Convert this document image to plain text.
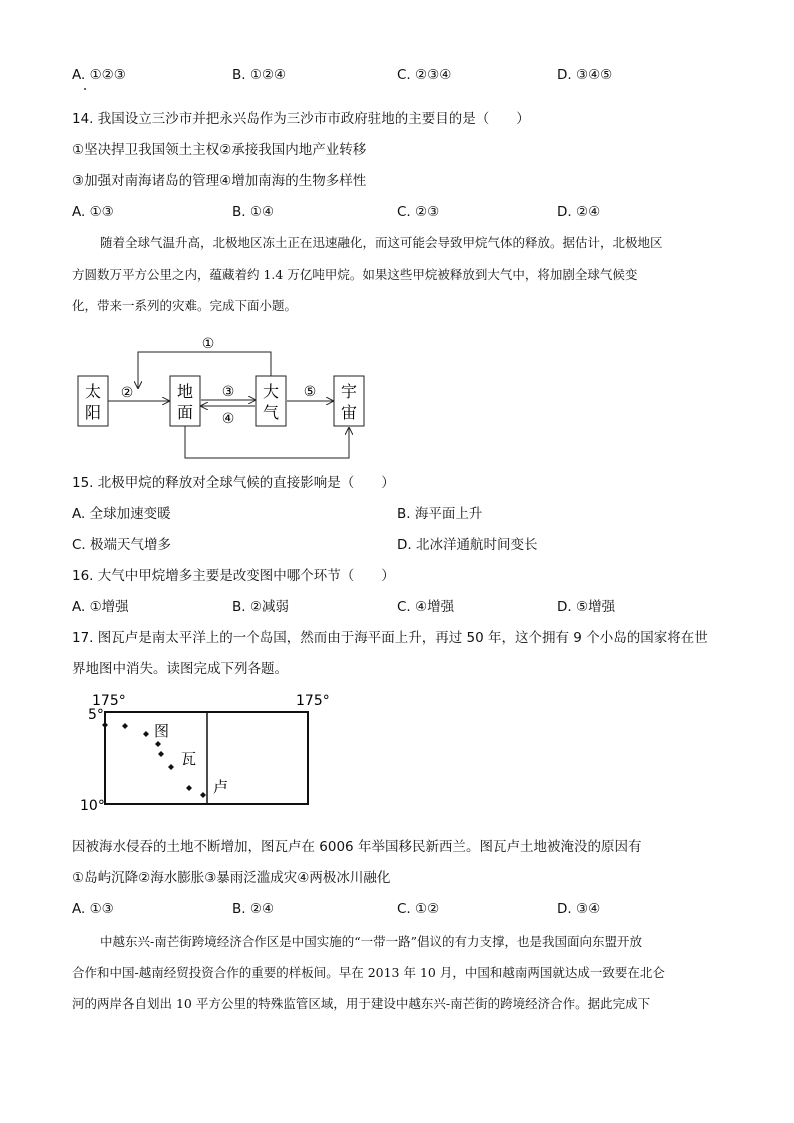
A. ①②③	B. ①②④	C. ②③④	D. ③④⑤
14. 我国设立三沙市并把永兴岛作为三沙市市政府驻地的主要目的是（　　）
①坚决捍卫我国领土主权②承接我国内地产业转移
③加强对南海诸岛的管理④增加南海的生物多样性
A. ①③	B. ①④	C. ②③	D. ②④
随着全球气温升高，北极地区冻土正在迅速融化，而这可能会导致甲烷气体的释放。据估计，北极地区
方圆数万平方公里之内，蕴藏着约 1.4 万亿吨甲烷。如果这些甲烷被释放到大气中，将加剧全球气候变
化，带来一系列的灾难。完成下面小题。
太
阳
地
面
大
气
宇
宙
①
②	③
④
⑤
15. 北极甲烷的释放对全球气候的直接影响是（　　）
A. 全球加速变暖	B. 海平面上升
C. 极端天气增多	D. 北冰洋通航时间变长
16. 大气中甲烷增多主要是改变图中哪个环节（　　）
A. ①增强	B. ②减弱	C. ④增强	D. ⑤增强
17. 图瓦卢是南太平洋上的一个岛国，然而由于海平面上升，再过 50 年，这个拥有 9 个小岛的国家将在世
界地图中消失。读图完成下列各题。
175°	175°
5°
10°
图
瓦
卢
因被海水侵吞的土地不断增加，图瓦卢在 6006 年举国移民新西兰。图瓦卢土地被淹没的原因有
①岛屿沉降②海水膨胀③暴雨泛滥成灾④两极冰川融化
A. ①③	B. ②④	C. ①②	D. ③④
中越东兴-南芒街跨境经济合作区是中国实施的“一带一路”倡议的有力支撑，也是我国面向东盟开放
合作和中国-越南经贸投资合作的重要的样板间。早在 2013 年 10 月，中国和越南两国就达成一致要在北仑
河的两岸各自划出 10 平方公里的特殊监管区域，用于建设中越东兴-南芒街的跨境经济合作。据此完成下
